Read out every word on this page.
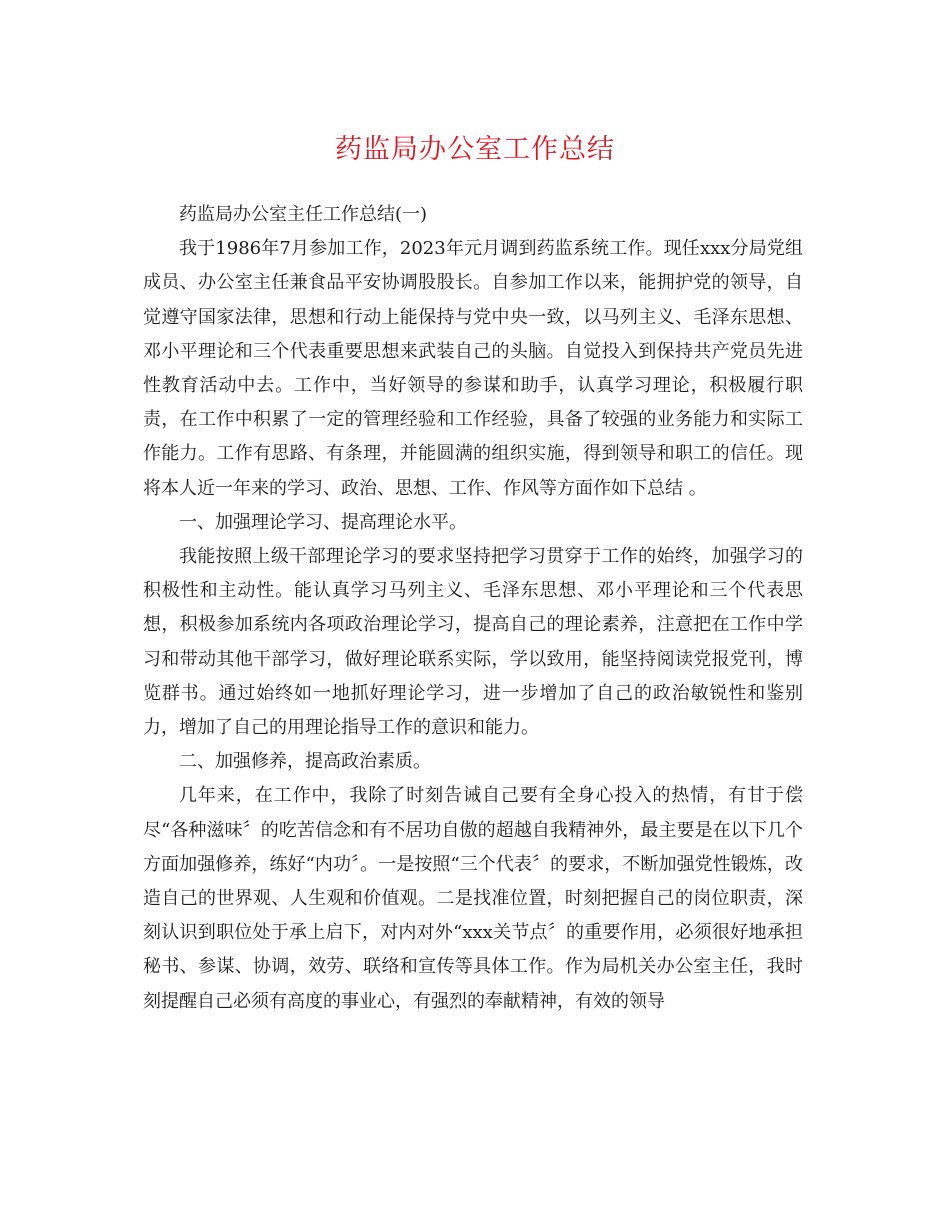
药监局办公室工作总结

药监局办公室主任工作总结(一)

我于1986年7月参加工作，2023年元月调到药监系统工作。现任xxx分局党组成员、办公室主任兼食品平安协调股股长。自参加工作以来，能拥护党的领导，自觉遵守国家法律，思想和行动上能保持与党中央一致，以马列主义、毛泽东思想、邓小平理论和三个代表重要思想来武装自己的头脑。自觉投入到保持共产党员先进性教育活动中去。工作中，当好领导的参谋和助手，认真学习理论，积极履行职责，在工作中积累了一定的管理经验和工作经验，具备了较强的业务能力和实际工作能力。工作有思路、有条理，并能圆满的组织实施，得到领导和职工的信任。现将本人近一年来的学习、政治、思想、工作、作风等方面作如下总结 。

一、加强理论学习、提高理论水平。

我能按照上级干部理论学习的要求坚持把学习贯穿于工作的始终，加强学习的积极性和主动性。能认真学习马列主义、毛泽东思想、邓小平理论和三个代表思想，积极参加系统内各项政治理论学习，提高自己的理论素养，注意把在工作中学习和带动其他干部学习，做好理论联系实际，学以致用，能坚持阅读党报党刊，博览群书。通过始终如一地抓好理论学习，进一步增加了自己的政治敏锐性和鉴别力，增加了自己的用理论指导工作的意识和能力。

二、加强修养，提高政治素质。

几年来，在工作中，我除了时刻告诫自己要有全身心投入的热情，有甘于偿尽“各种滋味〞的吃苦信念和有不居功自傲的超越自我精神外，最主要是在以下几个方面加强修养，练好“内功〞。一是按照“三个代表〞的要求，不断加强党性锻炼，改造自己的世界观、人生观和价值观。二是找准位置，时刻把握自己的岗位职责，深刻认识到职位处于承上启下，对内对外“xxx关节点〞的重要作用，必须很好地承担秘书、参谋、协调，效劳、联络和宣传等具体工作。作为局机关办公室主任，我时刻提醒自己必须有高度的事业心，有强烈的奉献精神，有效的领导
